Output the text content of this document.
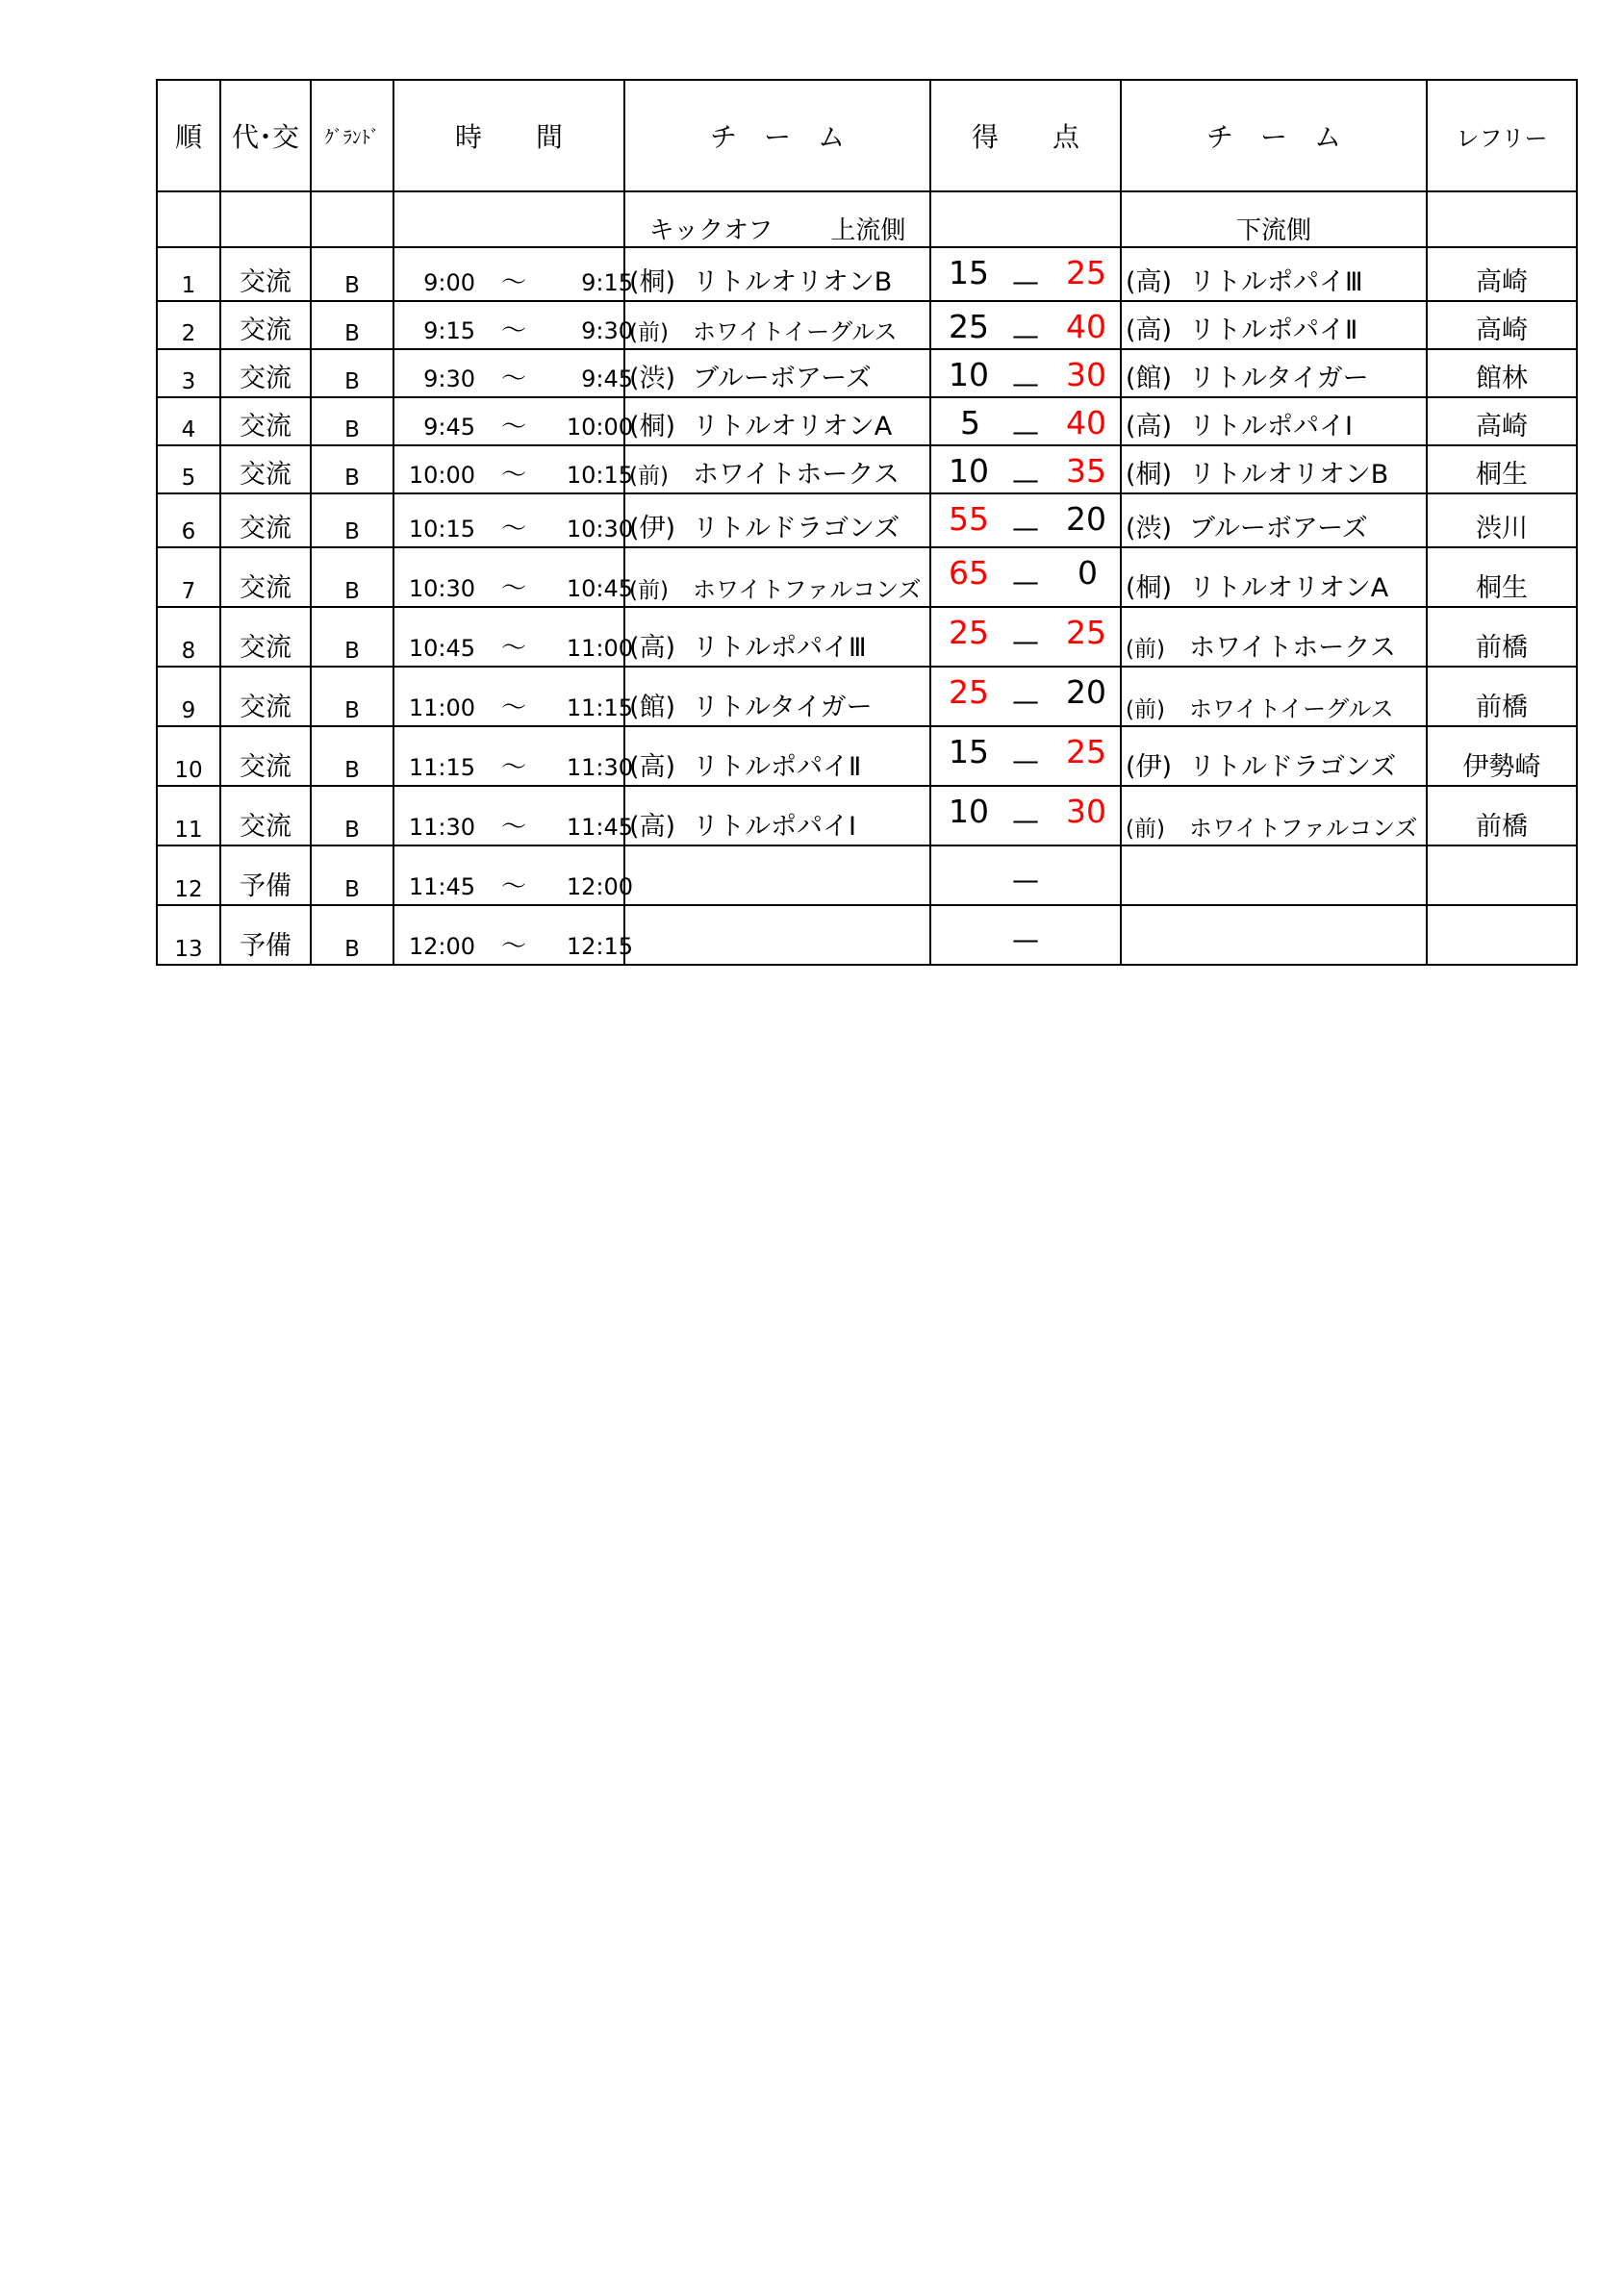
順	代･交	ｸﾞﾗﾝﾄﾞ	時　　間	チ　ー　ム	得　　点	チ　ー　ム	レフリー
				キックオフ 上流側		下流側	
1	交流	B	9:00 ～ 9:15	(桐) リトルオリオンB	15 — 25	(高) リトルポパイⅢ	高崎
2	交流	B	9:15 ～ 9:30	(前) ホワイトイーグルス	25 — 40	(高) リトルポパイⅡ	高崎
3	交流	B	9:30 ～ 9:45	(渋) ブルーボアーズ	10 — 30	(館) リトルタイガー	館林
4	交流	B	9:45 ～ 10:00	(桐) リトルオリオンA	5 — 40	(高) リトルポパイⅠ	高崎
5	交流	B	10:00 ～ 10:15	(前) ホワイトホークス	10 — 35	(桐) リトルオリオンB	桐生
6	交流	B	10:15 ～ 10:30	(伊) リトルドラゴンズ	55 — 20	(渋) ブルーボアーズ	渋川
7	交流	B	10:30 ～ 10:45	(前) ホワイトファルコンズ	65 — 0	(桐) リトルオリオンA	桐生
8	交流	B	10:45 ～ 11:00	(高) リトルポパイⅢ	25 — 25	(前) ホワイトホークス	前橋
9	交流	B	11:00 ～ 11:15	(館) リトルタイガー	25 — 20	(前) ホワイトイーグルス	前橋
10	交流	B	11:15 ～ 11:30	(高) リトルポパイⅡ	15 — 25	(伊) リトルドラゴンズ	伊勢崎
11	交流	B	11:30 ～ 11:45	(高) リトルポパイⅠ	10 — 30	(前) ホワイトファルコンズ	前橋
12	予備	B	11:45 ～ 12:00		—		

13	予備	B	12:00 ～ 12:15		—		
